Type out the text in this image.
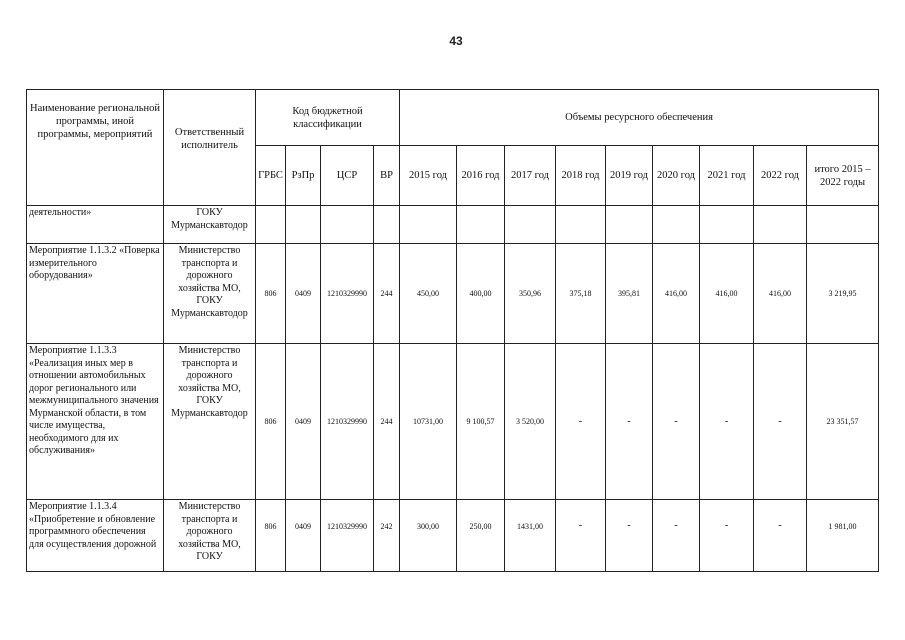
43
Наименование региональной программы, иной программы, мероприятий	Ответственный исполнитель	Код бюджетной классификации				Объемы ресурсного обеспечения								
		ГРБС	РзПр	ЦСР	ВР	2015 год	2016 год	2017 год	2018 год	2019 год	2020 год	2021 год	2022 год	итого 2015 – 2022 годы
деятельности»	ГОКУ Мурманскавтодор													
Мероприятие 1.1.3.2 «Поверка измерительного оборудования»	Министерство транспорта и дорожного хозяйства МО, ГОКУ Мурманскавтодор	806	0409	1210329990	244	450,00	400,00	350,96	375,18	395,81	416,00	416,00	416,00	3 219,95
Мероприятие 1.1.3.3 «Реализация иных мер в отношении автомобильных дорог регионального или межмуниципального значения Мурманской области, в том числе имущества, необходимого для их обслуживания»	Министерство транспорта и дорожного хозяйства МО, ГОКУ Мурманскавтодор	806	0409	1210329990	244	10731,00	9 100,57	3 520,00	-	-	-	-	-	23 351,57
Мероприятие 1.1.3.4 «Приобретение и обновление программного обеспечения для осуществления дорожной	Министерство транспорта и дорожного хозяйства МО, ГОКУ	806	0409	1210329990	242	300,00	250,00	1431,00	-	-	-	-	-	1 981,00
